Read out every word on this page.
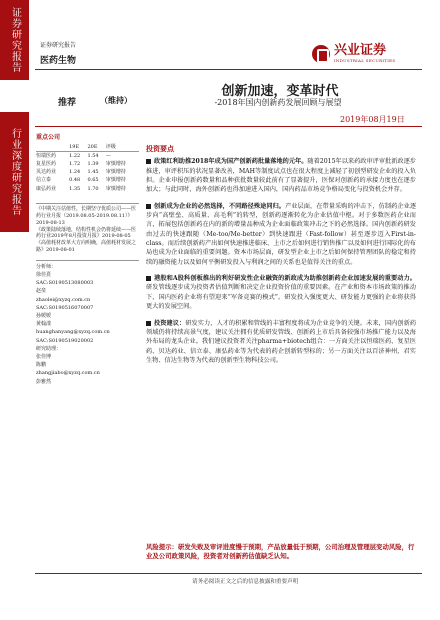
证券研究报告
行业深度研究报告
证券研究报告
医药生物
兴业证券
INDUSTRIAL SECURITIES
推荐	（维持）
创新加速，变革时代
-2018年国内创新药发展回顾与展望
2019年08月19日
重点公司
	19E	20E	评级
恒瑞医药	1.22	1.54	—
复星医药	1.72	1.39	审慎增持
贝达药业	1.24	1.45	审慎增持
信立泰	0.48	0.65	审慎增持
康弘药业	1.35	1.70	审慎增持
《中期关注估值性，长期坚守优质公司——医药行业月报（2019.08.05-2019.08.11）》2019-08-13
《政策陆续落地，结构性机会仍将延续——医药行业2019年8月投资月报》2019-08-05
《高值耗材改革大方向明确，高值耗材发展之路》2019-08-01
分析师：
徐佳熹
SAC:S0190513080003
赵垒
zhaolei@xyzq.com.cn
SAC:S0190516070007
孙媛媛
黄翰漾
huanghanyang@xyzq.com.cn
SAC:S0190519020002
研究助理：
张佳博
陈鹏
zhangjiabo@xyzq.com.cn
彭雅然
投资要点

政策红利助推2018年成为国产创新药批量落地的元年。随着2015年以来药政审评审批新政逐步推进，审评积压的状况显著改善，MAH等制度试点也在很大程度上减轻了初创型研发企业的投入负担。企业申报创新药数量和品种获批数量较此前有了显著提升，医保对创新药的承接力度也在逐步加大；与此同时，海外创新药也得加速进入国内，国内药品市场竞争格局变化与投资机会并存。

创新成为企业的必然选择，不同路径殊途同归。产业层面，在带量采购的冲击下，仿制药企业逐步向“高壁垒、高质量、高毛利”的转型，创新药逐渐转化为企业估值中枢。对于多数医药企业而言，拓展包括创新药在内的新的增量品种成为企业面临政策冲击之下的必然选择。国内创新药研发由过去的快速跟随（Me-too/Me-better）到快速跟进（Fast-follow）甚至逐步迈入First-in-class。而后续创新药产出如何快速推进临床、上市之后如何进行销售推广以及如何进行国际化的布局也成为企业面临的重要问题。资本市场层面，研发型企业上市之后如何保持管理团队的稳定和持续的融资能力以及如何平衡研发投入与利润之间的关系也是值得关注的重点。

港股和A股科创板推出的利好研发性企业融资的新政成为助推创新药企业加速发展的重要动力。研发管线逐步成为投资者估值判断和决定企业投资价值的重要因素。在产业和资本市场政策的推动下，国内医药企业将有望迎来“军备竞赛的模式”。研发投入强度更大、研发能力更强的企业将获得更大的发展空间。

投资建议：研发实力、人才的积累和管线的丰富程度将成为企业竞争的关键。未来，国内创新药领域仍将持续高景气度，建议关注拥有优质研发管线、创新药上市后具备较强市场推广能力以及海外布局的龙头企业。我们建议投资者关注pharma+biotech组合：一方面关注以恒瑞医药、复星医药、贝达药业、信立泰、康弘药业等为代表的药企创新转型标的；另一方面关注以百济神州、君实生物、信达生物等为代表的创新型生物科技公司。

风险提示：研发失败及审评进度慢于预期，产品放量低于预期，公司治理及管理层变动风险，行业及公司政策风险，投资者对创新药估值缺乏认知。
请务必阅读正文之后的信息披露和重要声明
